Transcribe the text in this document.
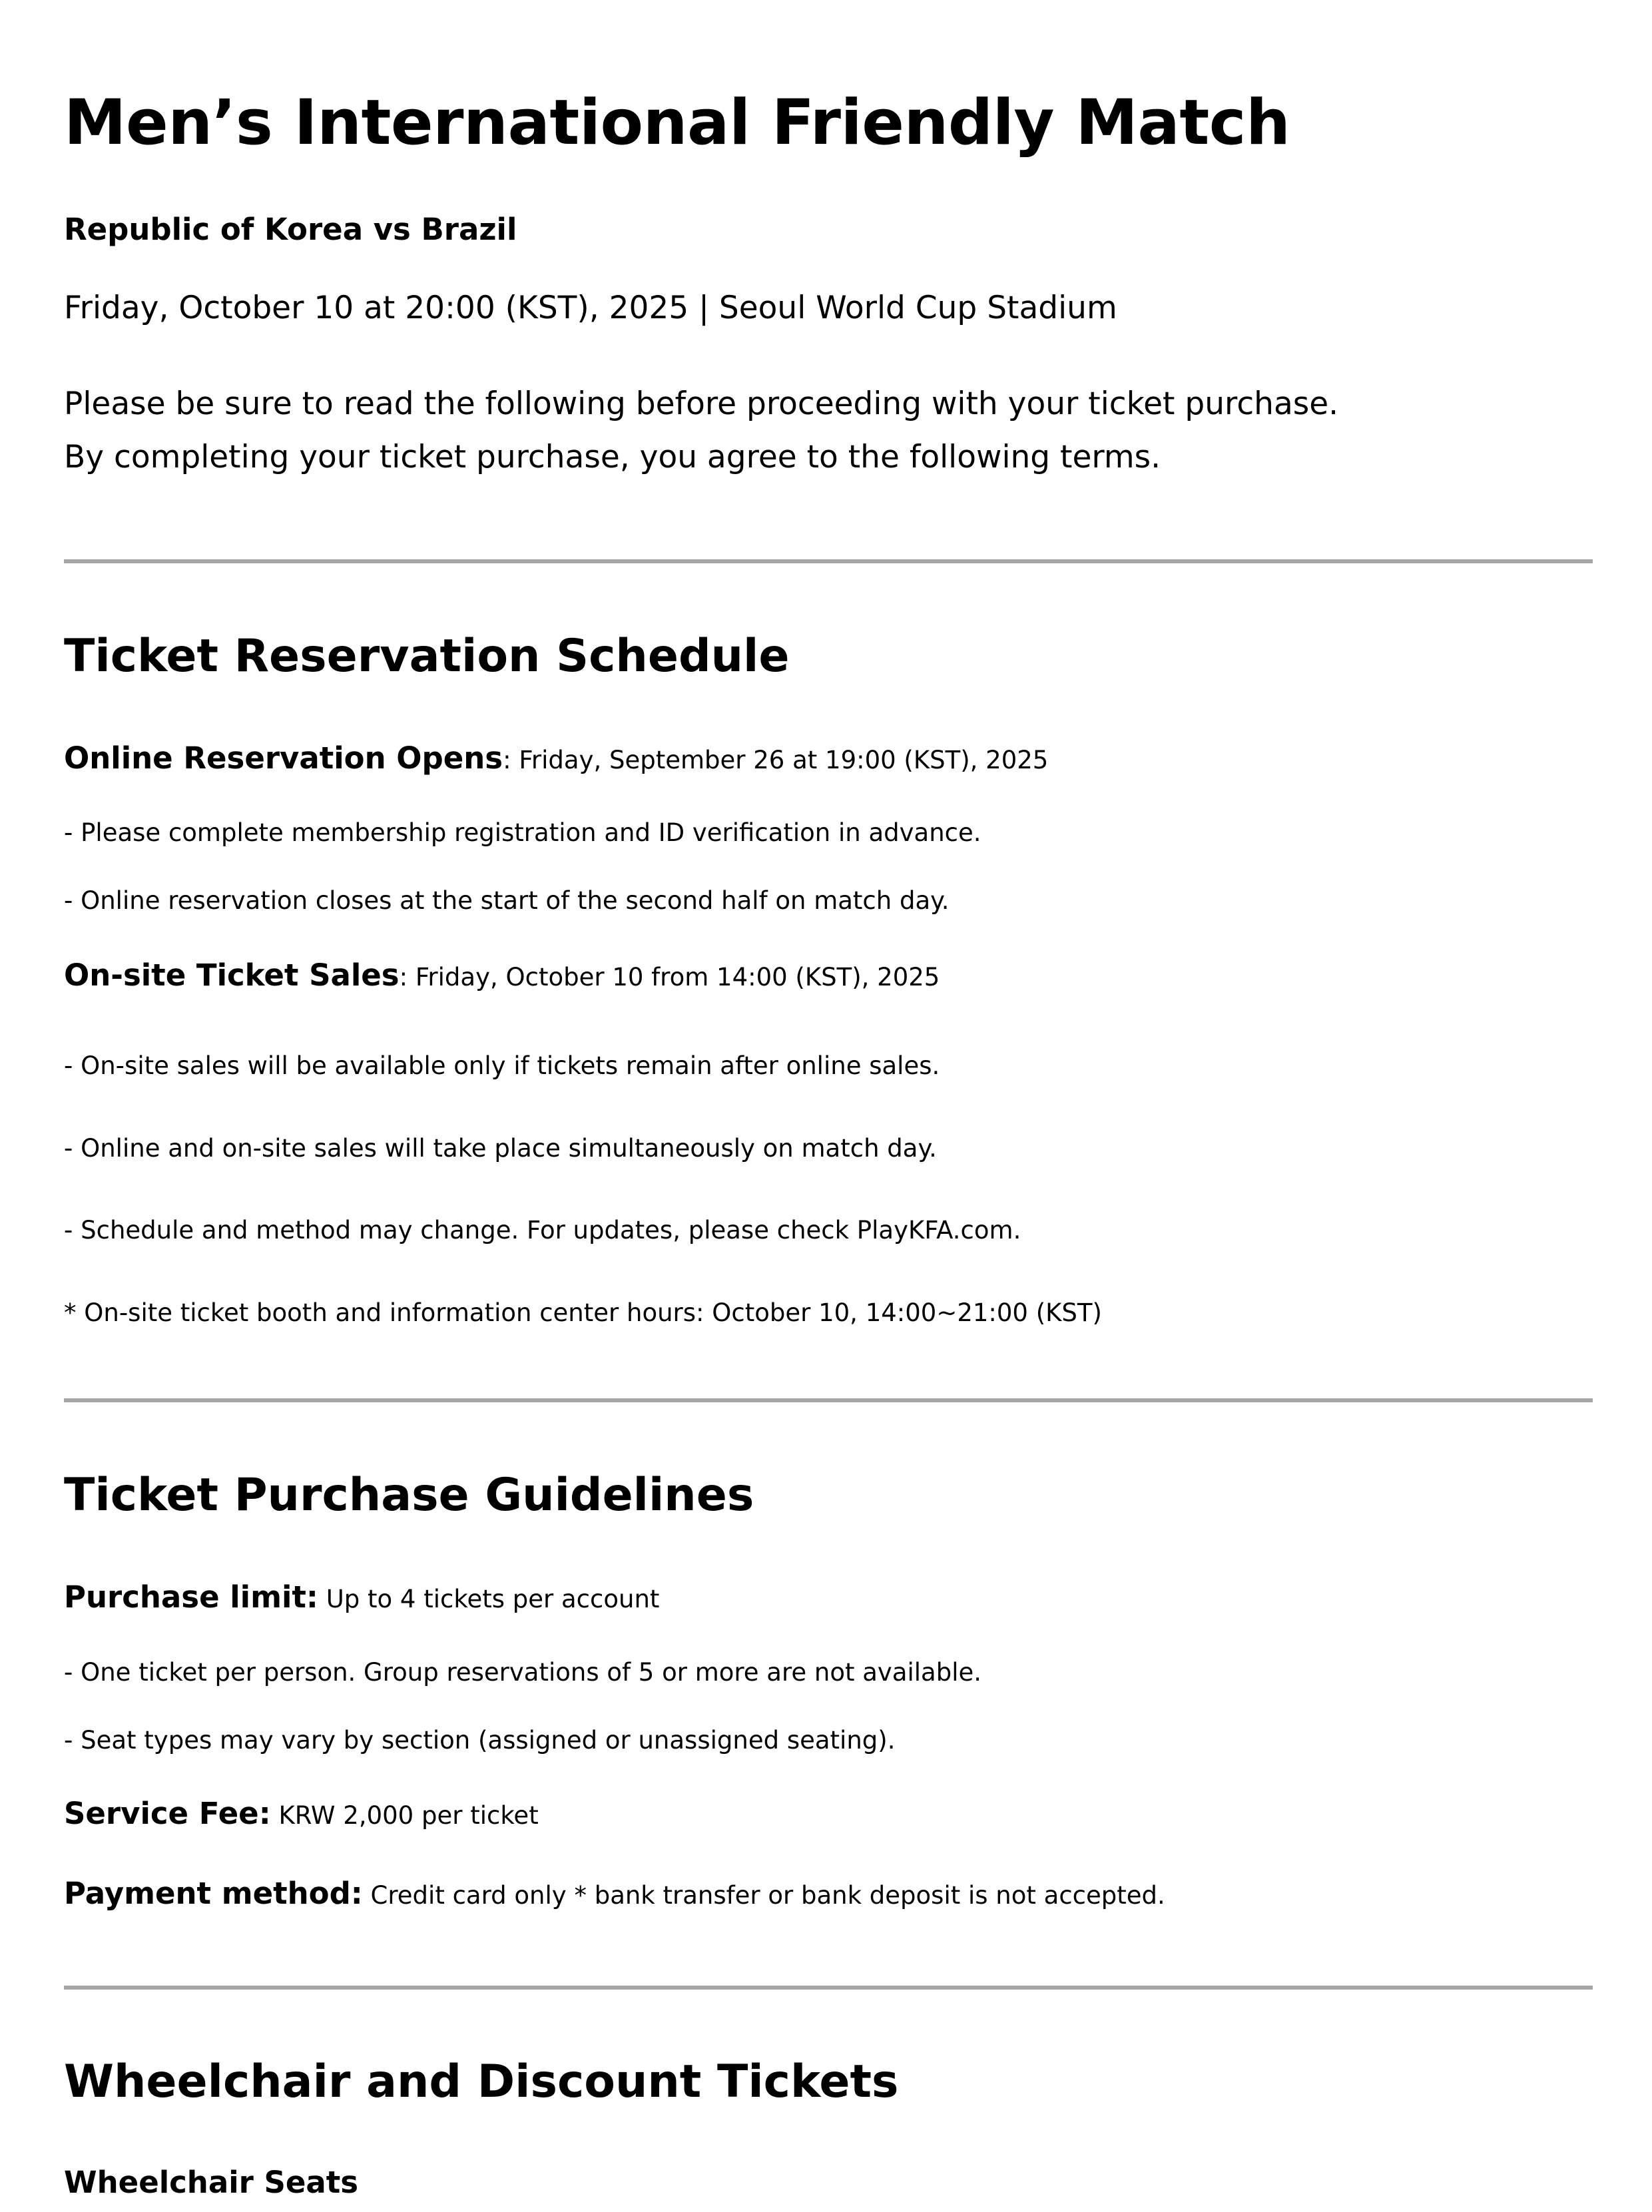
Men’s International Friendly Match
Republic of Korea vs Brazil
Friday, October 10 at 20:00 (KST), 2025 | Seoul World Cup Stadium
Please be sure to read the following before proceeding with your ticket purchase.
By completing your ticket purchase, you agree to the following terms.
Ticket Reservation Schedule
Online Reservation Opens: Friday, September 26 at 19:00 (KST), 2025
- Please complete membership registration and ID verification in advance.
- Online reservation closes at the start of the second half on match day.
On-site Ticket Sales: Friday, October 10 from 14:00 (KST), 2025
- On-site sales will be available only if tickets remain after online sales.
- Online and on-site sales will take place simultaneously on match day.
- Schedule and method may change. For updates, please check PlayKFA.com.
* On-site ticket booth and information center hours: October 10, 14:00~21:00 (KST)
Ticket Purchase Guidelines
Purchase limit: Up to 4 tickets per account
- One ticket per person. Group reservations of 5 or more are not available.
- Seat types may vary by section (assigned or unassigned seating).
Service Fee: KRW 2,000 per ticket
Payment method: Credit card only * bank transfer or bank deposit is not accepted.
Wheelchair and Discount Tickets
Wheelchair Seats
